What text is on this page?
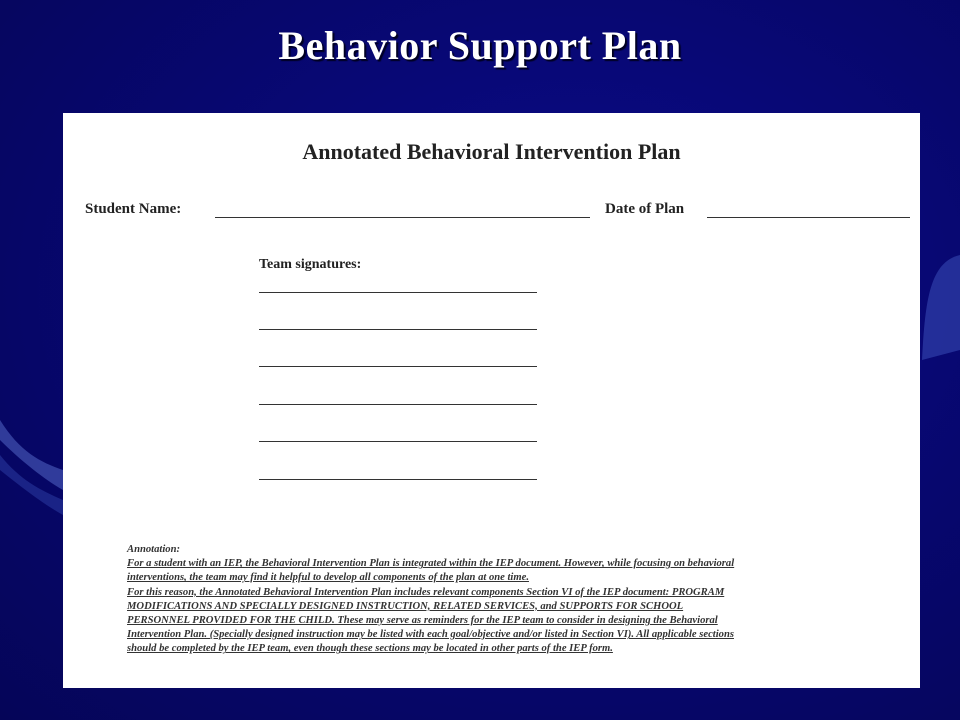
Behavior Support Plan
Annotated Behavioral Intervention Plan
Student Name:	Date of Plan
Team signatures:
Annotation:
For a student with an IEP, the Behavioral Intervention Plan is integrated within the IEP document. However, while focusing on behavioral
interventions, the team may find it helpful to develop all components of the plan at one time.
For this reason, the Annotated Behavioral Intervention Plan includes relevant components Section VI of the IEP document: PROGRAM
MODIFICATIONS AND SPECIALLY DESIGNED INSTRUCTION, RELATED SERVICES, and SUPPORTS FOR SCHOOL
PERSONNEL PROVIDED FOR THE CHILD. These may serve as reminders for the IEP team to consider in designing the Behavioral
Intervention Plan. (Specially designed instruction may be listed with each goal/objective and/or listed in Section VI). All applicable sections
should be completed by the IEP team, even though these sections may be located in other parts of the IEP form.
